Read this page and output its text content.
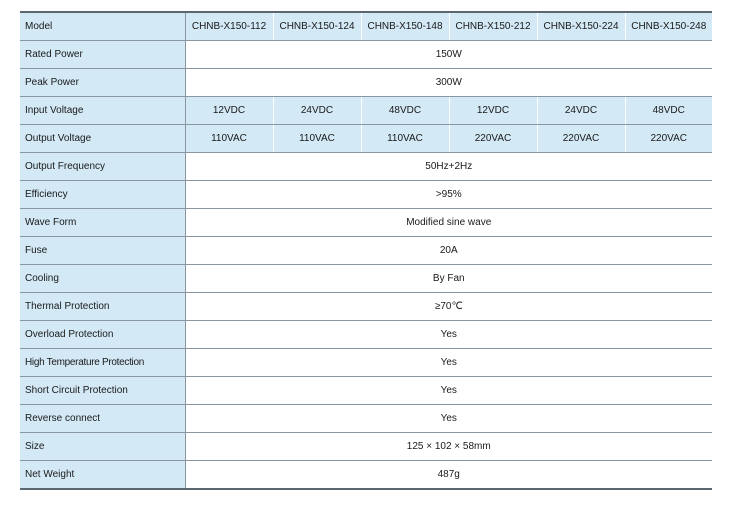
Model	CHNB-X150-112	CHNB-X150-124	CHNB-X150-148	CHNB-X150-212	CHNB-X150-224	CHNB-X150-248
Rated Power	150W					
Peak Power	300W					
Input Voltage	12VDC	24VDC	48VDC	12VDC	24VDC	48VDC
Output Voltage	110VAC	110VAC	110VAC	220VAC	220VAC	220VAC
Output Frequency	50Hz+2Hz					
Efficiency	>95%					
Wave Form	Modified sine wave					
Fuse	20A					
Cooling	By Fan					
Thermal Protection	≥70℃					
Overload Protection	Yes					
High Temperature Protection	Yes					
Short Circuit Protection	Yes					
Reverse connect	Yes					
Size	125 × 102 × 58mm					
Net Weight	487g					
